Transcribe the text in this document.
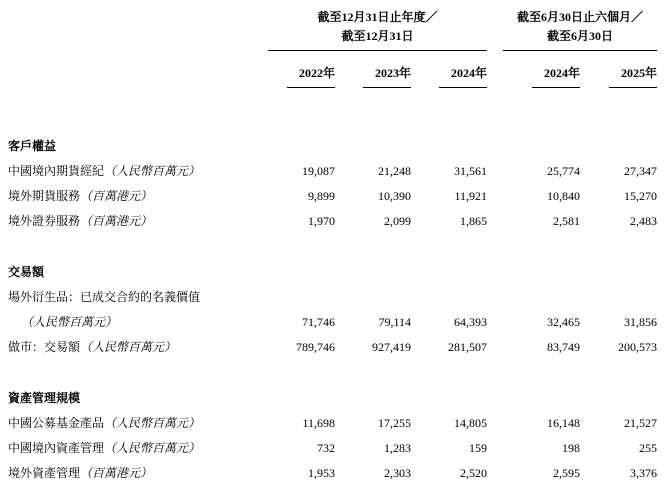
	截至12月31日止年度／				截至6月30日止六個月／	
	截至12月31日				截至6月30日	
	2022年	2023年	2024年		2024年	2025年

客戶權益						
中國境內期貨經紀（人民幣百萬元）	19,087	21,248	31,561		25,774	27,347
境外期貨服務（百萬港元）	9,899	10,390	11,921		10,840	15,270
境外證券服務（百萬港元）	1,970	2,099	1,865		2,581	2,483

交易額						
場外衍生品：已成交合約的名義價值						
（人民幣百萬元）	71,746	79,114	64,393		32,465	31,856
做市：交易額（人民幣百萬元）	789,746	927,419	281,507		83,749	200,573

資產管理規模						
中國公募基金產品（人民幣百萬元）	11,698	17,255	14,805		16,148	21,527
中國境內資產管理（人民幣百萬元）	732	1,283	159		198	255
境外資產管理（百萬港元）	1,953	2,303	2,520		2,595	3,376
